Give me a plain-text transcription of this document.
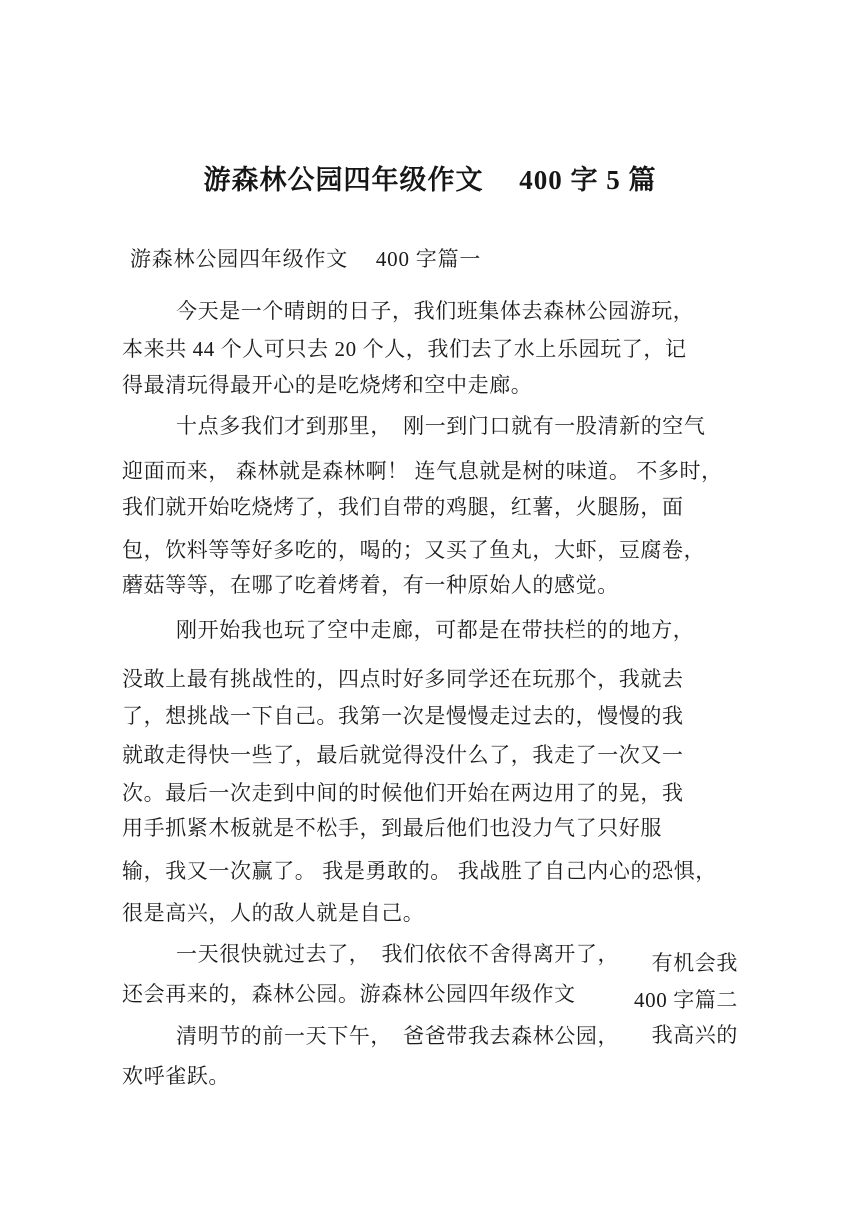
游森林公园四年级作文　 400 字 5 篇
游森林公园四年级作文　 400 字篇一
今天是一个晴朗的日子，我们班集体去森林公园游玩，
本来共 44 个人可只去 20 个人，我们去了水上乐园玩了，记
得最清玩得最开心的是吃烧烤和空中走廊。
十点多我们才到那里，　刚一到门口就有一股清新的空气
迎面而来， 森林就是森林啊！ 连气息就是树的味道。 不多时，
我们就开始吃烧烤了，我们自带的鸡腿，红薯，火腿肠，面
包，饮料等等好多吃的，喝的；又买了鱼丸，大虾，豆腐卷，
蘑菇等等，在哪了吃着烤着，有一种原始人的感觉。
刚开始我也玩了空中走廊，可都是在带扶栏的的地方，
没敢上最有挑战性的，四点时好多同学还在玩那个，我就去
了，想挑战一下自己。我第一次是慢慢走过去的，慢慢的我
就敢走得快一些了，最后就觉得没什么了，我走了一次又一
次。最后一次走到中间的时候他们开始在两边用了的晃，我
用手抓紧木板就是不松手，到最后他们也没力气了只好服
输，我又一次赢了。 我是勇敢的。 我战胜了自己内心的恐惧，
很是高兴，人的敌人就是自己。
一天很快就过去了，　我们依依不舍得离开了，
还会再来的，森林公园。游森林公园四年级作文
清明节的前一天下午，　爸爸带我去森林公园，
欢呼雀跃。
有机会我
400 字篇二
我高兴的
